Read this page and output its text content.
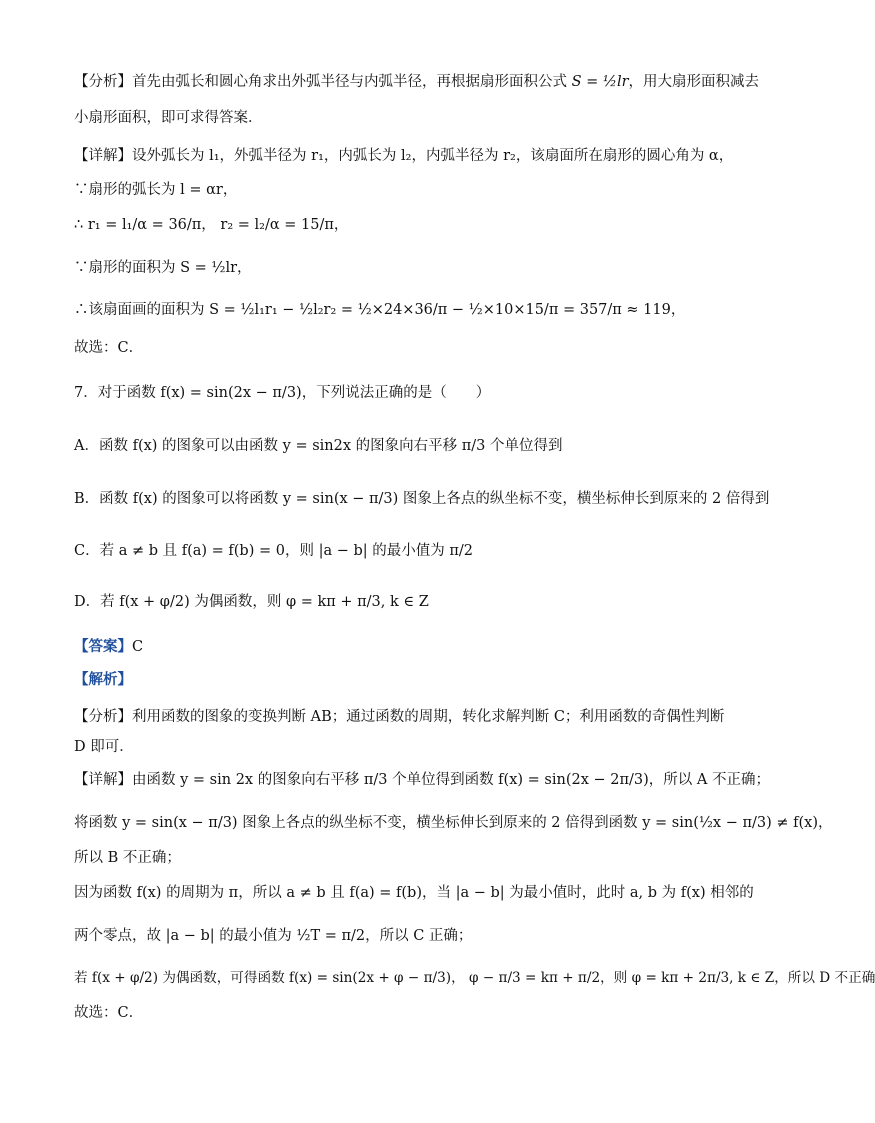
【分析】首先由弧长和圆心角求出外弧半径与内弧半径，再根据扇形面积公式 S = ½lr，用大扇形面积减去
小扇形面积，即可求得答案．
【详解】设外弧长为 l₁，外弧半径为 r₁，内弧长为 l₂，内弧半径为 r₂，该扇面所在扇形的圆心角为 α，
∵扇形的弧长为 l = αr，
∴ r₁ = l₁/α = 36/π， r₂ = l₂/α = 15/π，
∵扇形的面积为 S = ½lr，
∴该扇面画的面积为 S = ½l₁r₁ − ½l₂r₂ = ½×24×36/π − ½×10×15/π = 357/π ≈ 119，
故选：C．
7．对于函数 f(x) = sin(2x − π/3)，下列说法正确的是（　　）
A．函数 f(x) 的图象可以由函数 y = sin2x 的图象向右平移 π/3 个单位得到
B．函数 f(x) 的图象可以将函数 y = sin(x − π/3) 图象上各点的纵坐标不变，横坐标伸长到原来的 2 倍得到
C．若 a ≠ b 且 f(a) = f(b) = 0，则 |a − b| 的最小值为 π/2
D．若 f(x + φ/2) 为偶函数，则 φ = kπ + π/3, k ∈ Z
【答案】C
【解析】
【分析】利用函数的图象的变换判断 AB；通过函数的周期，转化求解判断 C；利用函数的奇偶性判断 D 即可．
【详解】由函数 y = sin 2x 的图象向右平移 π/3 个单位得到函数 f(x) = sin(2x − 2π/3)，所以 A 不正确；
将函数 y = sin(x − π/3) 图象上各点的纵坐标不变，横坐标伸长到原来的 2 倍得到函数 y = sin(½x − π/3) ≠ f(x)，
所以 B 不正确；
因为函数 f(x) 的周期为 π，所以 a ≠ b 且 f(a) = f(b)，当 |a − b| 为最小值时，此时 a, b 为 f(x) 相邻的
两个零点，故 |a − b| 的最小值为 ½T = π/2，所以 C 正确；
若 f(x + φ/2) 为偶函数，可得函数 f(x) = sin(2x + φ − π/3)， φ − π/3 = kπ + π/2，则 φ = kπ + 2π/3, k ∈ Z，所以 D 不正确
故选：C．
